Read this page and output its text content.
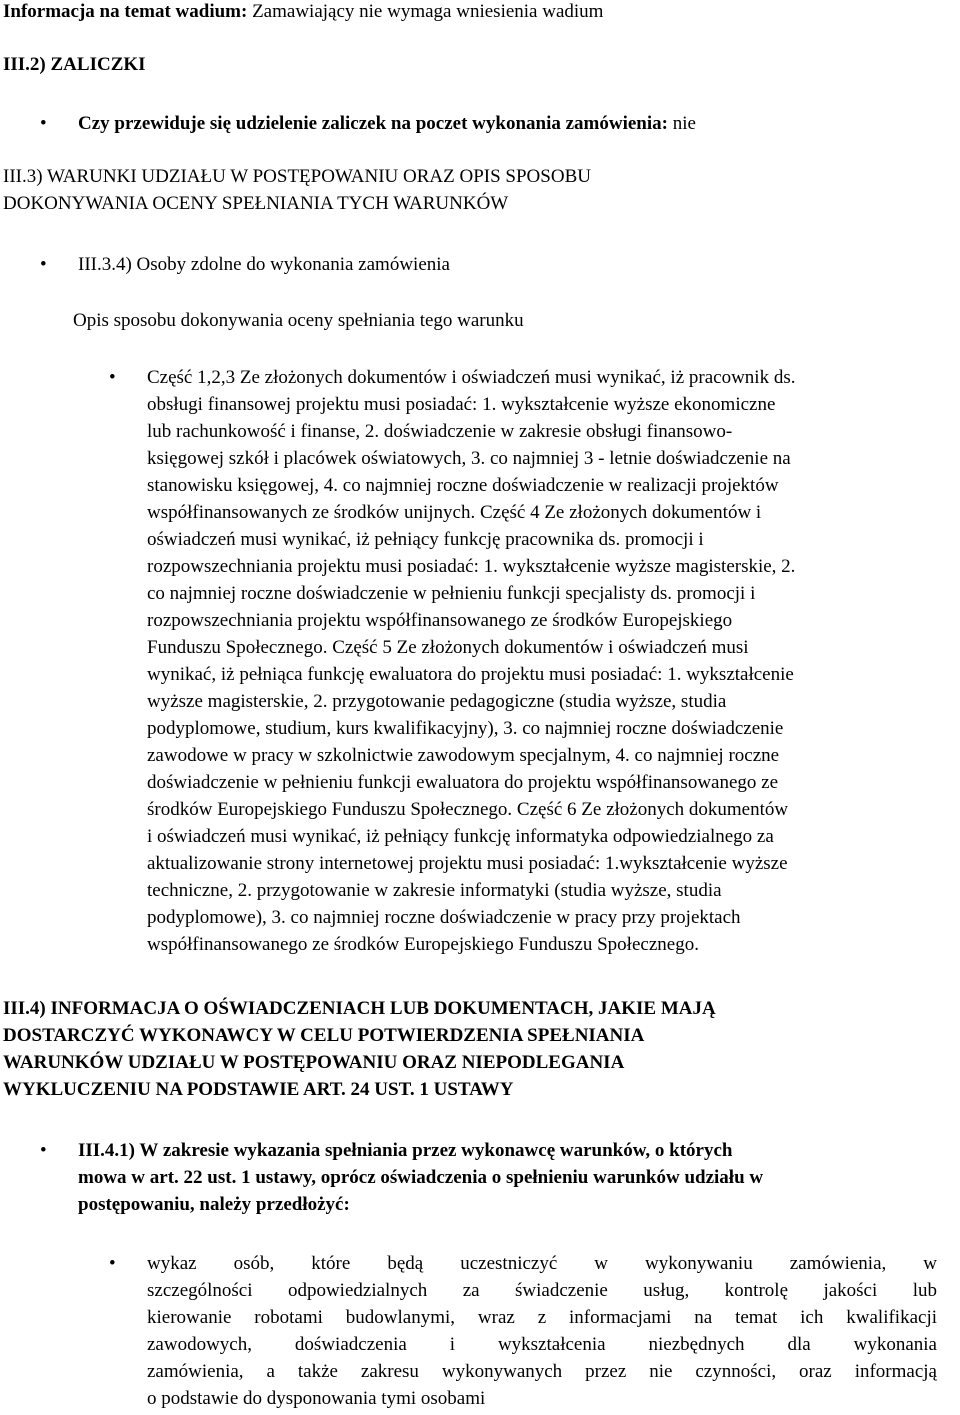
Informacja na temat wadium: Zamawiający nie wymaga wniesienia wadium

III.2) ZALICZKI

•	Czy przewiduje się udzielenie zaliczek na poczet wykonania zamówienia: nie

III.3) WARUNKI UDZIAŁU W POSTĘPOWANIU ORAZ OPIS SPOSOBU

DOKONYWANIA OCENY SPEŁNIANIA TYCH WARUNKÓW

•	III.3.4) Osoby zdolne do wykonania zamówienia

Opis sposobu dokonywania oceny spełniania tego warunku

•	Część 1,2,3 Ze złożonych dokumentów i oświadczeń musi wynikać, iż pracownik ds.
obsługi finansowej projektu musi posiadać: 1. wykształcenie wyższe ekonomiczne
lub rachunkowość i finanse, 2. doświadczenie w zakresie obsługi finansowo-
księgowej szkół i placówek oświatowych, 3. co najmniej 3 - letnie doświadczenie na
stanowisku księgowej, 4. co najmniej roczne doświadczenie w realizacji projektów
współfinansowanych ze środków unijnych. Część 4 Ze złożonych dokumentów i
oświadczeń musi wynikać, iż pełniący funkcję pracownika ds. promocji i
rozpowszechniania projektu musi posiadać: 1. wykształcenie wyższe magisterskie, 2.
co najmniej roczne doświadczenie w pełnieniu funkcji specjalisty ds. promocji i
rozpowszechniania projektu współfinansowanego ze środków Europejskiego
Funduszu Społecznego. Część 5 Ze złożonych dokumentów i oświadczeń musi
wynikać, iż pełniąca funkcję ewaluatora do projektu musi posiadać: 1. wykształcenie
wyższe magisterskie, 2. przygotowanie pedagogiczne (studia wyższe, studia
podyplomowe, studium, kurs kwalifikacyjny), 3. co najmniej roczne doświadczenie
zawodowe w pracy w szkolnictwie zawodowym specjalnym, 4. co najmniej roczne
doświadczenie w pełnieniu funkcji ewaluatora do projektu współfinansowanego ze
środków Europejskiego Funduszu Społecznego. Część 6 Ze złożonych dokumentów
i oświadczeń musi wynikać, iż pełniący funkcję informatyka odpowiedzialnego za
aktualizowanie strony internetowej projektu musi posiadać: 1.wykształcenie wyższe
techniczne, 2. przygotowanie w zakresie informatyki (studia wyższe, studia
podyplomowe), 3. co najmniej roczne doświadczenie w pracy przy projektach
współfinansowanego ze środków Europejskiego Funduszu Społecznego.
III.4) INFORMACJA O OŚWIADCZENIACH LUB DOKUMENTACH, JAKIE MAJĄ
DOSTARCZYĆ WYKONAWCY W CELU POTWIERDZENIA SPEŁNIANIA
WARUNKÓW UDZIAŁU W POSTĘPOWANIU ORAZ NIEPODLEGANIA
WYKLUCZENIU NA PODSTAWIE ART. 24 UST. 1 USTAWY
•	III.4.1) W zakresie wykazania spełniania przez wykonawcę warunków, o których
mowa w art. 22 ust. 1 ustawy, oprócz oświadczenia o spełnieniu warunków udziału w
postępowaniu, należy przedłożyć:
•	wykaz osób, które będą uczestniczyć w wykonywaniu zamówienia, w
szczególności odpowiedzialnych za świadczenie usług, kontrolę jakości lub
kierowanie robotami budowlanymi, wraz z informacjami na temat ich kwalifikacji
zawodowych, doświadczenia i wykształcenia niezbędnych dla wykonania
zamówienia, a także zakresu wykonywanych przez nie czynności, oraz informacją
o podstawie do dysponowania tymi osobami
